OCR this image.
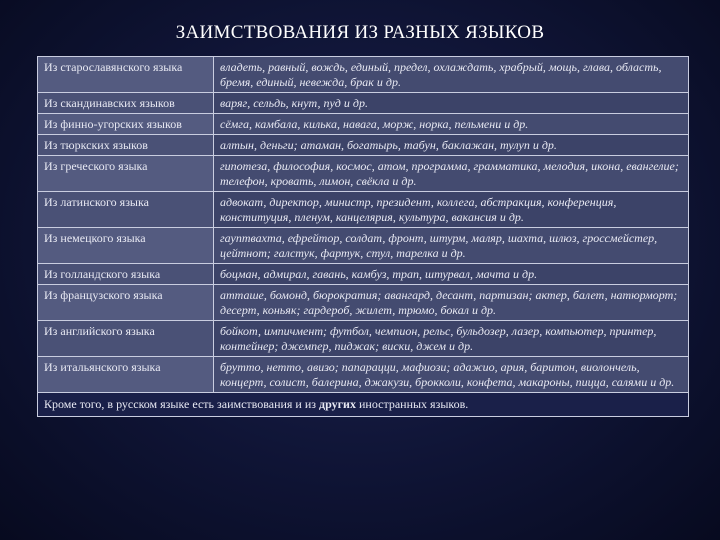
ЗАИМСТВОВАНИЯ ИЗ РАЗНЫХ ЯЗЫКОВ
Из старославянского языка	владеть, равный, вождь, единый, предел, охлаждать, храбрый, мощь, глава, область, бремя, единый, невежда, брак и др.
Из скандинавских языков	варяг, сельдь, кнут, пуд и др.
Из финно-угорских языков	сёмга, камбала, килька, навага, морж, норка, пельмени и др.
Из тюркских языков	алтын, деньги; атаман, богатырь, табун, баклажан, тулуп и др.
Из греческого языка	гипотеза, философия, космос, атом, программа, грамматика, мелодия, икона, евангелие; телефон, кровать, лимон, свёкла и др.
Из латинского языка	адвокат, директор, министр, президент, коллега, абстракция, конференция, конституция, пленум, канцелярия, культура, вакансия и др.
Из немецкого языка	гауптвахта, ефрейтор, солдат, фронт, штурм, маляр, шахта, шлюз, гроссмейстер, цейтнот; галстук, фартук, стул, тарелка и др.
Из голландского языка	боцман, адмирал, гавань, камбуз, трап, штурвал, мачта и др.
Из французского языка	атташе, бомонд, бюрократия; авангард, десант, партизан; актер, балет, натюрморт; десерт, коньяк; гардероб, жилет, трюмо, бокал и др.
Из английского языка	бойкот, импичмент; футбол, чемпион, рельс, бульдозер, лазер, компьютер, принтер, контейнер; джемпер, пиджак; виски, джем и др.
Из итальянского языка	брутто, нетто, авизо; папарацци, мафиози; адажио, ария, баритон, виолончель, концерт, солист, балерина, джакузи, брокколи, конфета, макароны, пицца, салями и др.
Кроме того, в русском языке есть заимствования и из других иностранных языков.	
